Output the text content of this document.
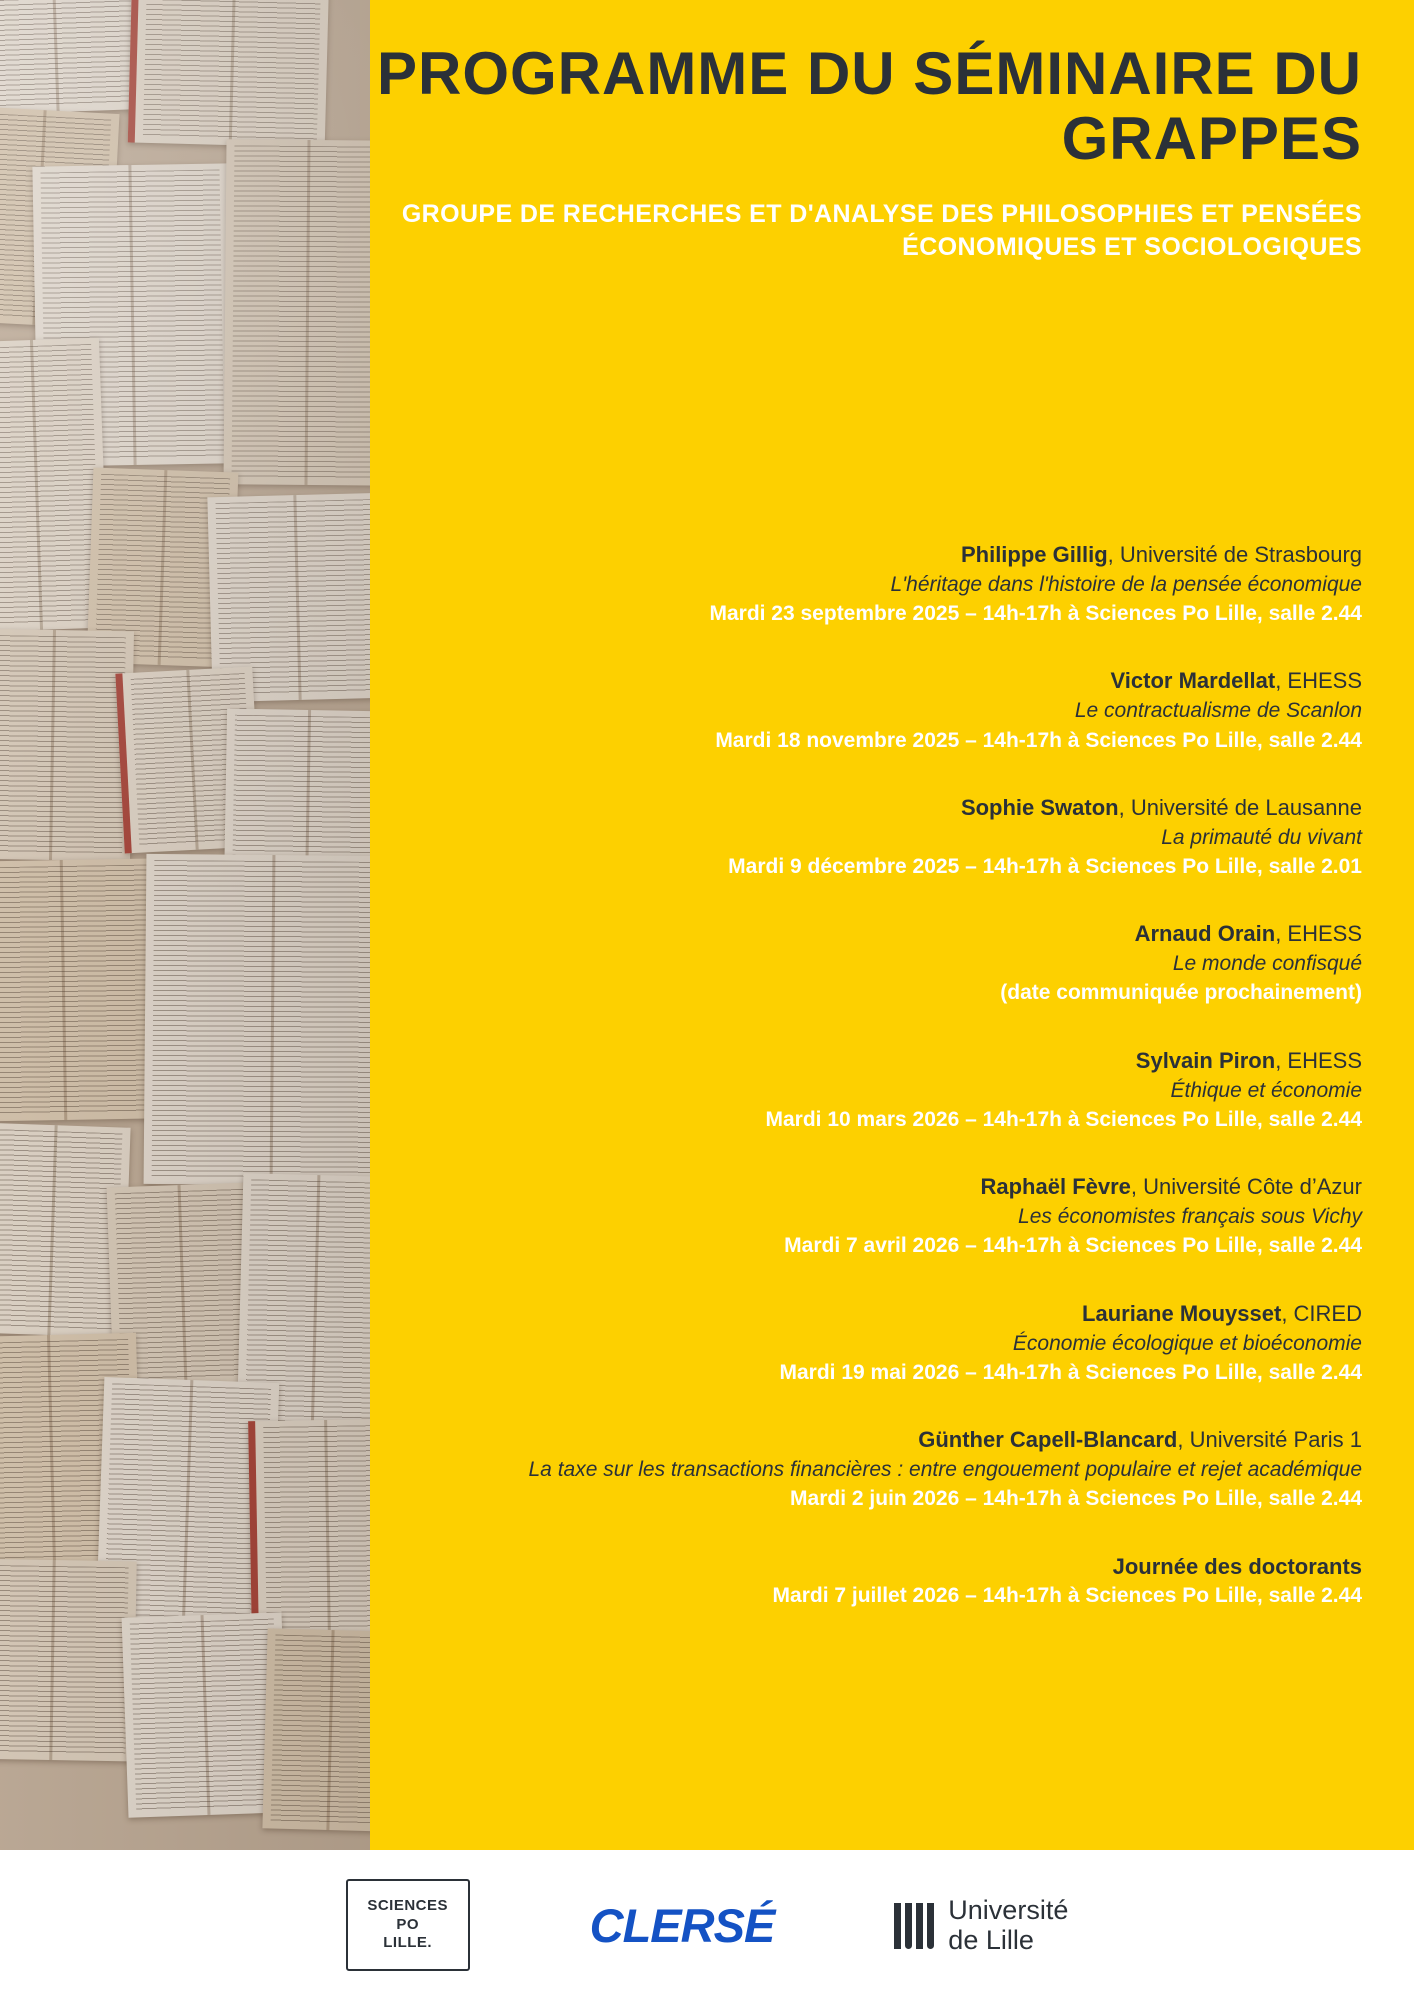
PROGRAMME DU SÉMINAIRE DU GRAPPES

GROUPE DE RECHERCHES ET D'ANALYSE DES PHILOSOPHIES ET PENSÉES ÉCONOMIQUES ET SOCIOLOGIQUES

Philippe Gillig, Université de Strasbourg
L'héritage dans l'histoire de la pensée économique
Mardi 23 septembre 2025 – 14h-17h à Sciences Po Lille, salle 2.44
Victor Mardellat, EHESS
Le contractualisme de Scanlon
Mardi 18 novembre 2025 – 14h-17h à Sciences Po Lille, salle 2.44
Sophie Swaton, Université de Lausanne
La primauté du vivant
Mardi 9 décembre 2025 – 14h-17h à Sciences Po Lille, salle 2.01
Arnaud Orain, EHESS
Le monde confisqué
(date communiquée prochainement)
Sylvain Piron, EHESS
Éthique et économie
Mardi 10 mars 2026 – 14h-17h à Sciences Po Lille, salle 2.44
Raphaël Fèvre, Université Côte d’Azur
Les économistes français sous Vichy
Mardi 7 avril 2026 – 14h-17h à Sciences Po Lille, salle 2.44
Lauriane Mouysset, CIRED
Économie écologique et bioéconomie
Mardi 19 mai 2026 – 14h-17h à Sciences Po Lille, salle 2.44
Günther Capell-Blancard, Université Paris 1
La taxe sur les transactions financières : entre engouement populaire et rejet académique
Mardi 2 juin 2026 – 14h-17h à Sciences Po Lille, salle 2.44
Journée des doctorants
Mardi 7 juillet 2026 – 14h-17h à Sciences Po Lille, salle 2.44
SCIENCES
PO
LILLE.	CLERSÉ	Université
de Lille
